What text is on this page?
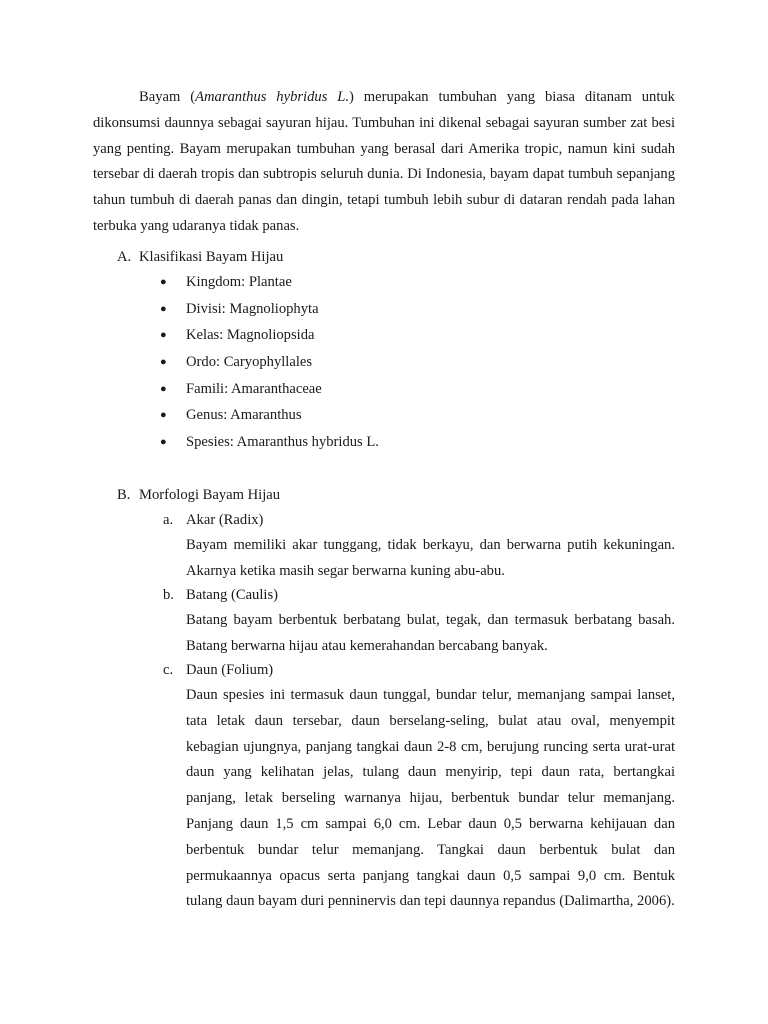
Bayam (Amaranthus hybridus L.) merupakan tumbuhan yang biasa ditanam untuk dikonsumsi daunnya sebagai sayuran hijau. Tumbuhan ini dikenal sebagai sayuran sumber zat besi yang penting. Bayam merupakan tumbuhan yang berasal dari Amerika tropic, namun kini sudah tersebar di daerah tropis dan subtropis seluruh dunia. Di Indonesia, bayam dapat tumbuh sepanjang tahun tumbuh di daerah panas dan dingin, tetapi tumbuh lebih subur di dataran rendah pada lahan terbuka yang udaranya tidak panas.

A. Klasifikasi Bayam Hijau

● Kingdom: Plantae
● Divisi: Magnoliophyta
● Kelas: Magnoliopsida
● Ordo: Caryophyllales
● Famili: Amaranthaceae
● Genus: Amaranthus
● Spesies: Amaranthus hybridus L.

B. Morfologi Bayam Hijau

a. Akar (Radix)

Bayam memiliki akar tunggang, tidak berkayu, dan berwarna putih kekuningan. Akarnya ketika masih segar berwarna kuning abu-abu.

b. Batang (Caulis)

Batang bayam berbentuk berbatang bulat, tegak, dan termasuk berbatang basah. Batang berwarna hijau atau kemerahandan bercabang banyak.

c. Daun (Folium)

Daun spesies ini termasuk daun tunggal, bundar telur, memanjang sampai lanset, tata letak daun tersebar, daun berselang-seling, bulat atau oval, menyempit kebagian ujungnya, panjang tangkai daun 2-8 cm, berujung runcing serta urat-urat daun yang kelihatan jelas, tulang daun menyirip, tepi daun rata, bertangkai panjang, letak berseling warnanya hijau, berbentuk bundar telur memanjang. Panjang daun 1,5 cm sampai 6,0 cm. Lebar daun 0,5 berwarna kehijauan dan berbentuk bundar telur memanjang. Tangkai daun berbentuk bulat dan permukaannya opacus serta panjang tangkai daun 0,5 sampai 9,0 cm. Bentuk tulang daun bayam duri penninervis dan tepi daunnya repandus (Dalimartha, 2006).
